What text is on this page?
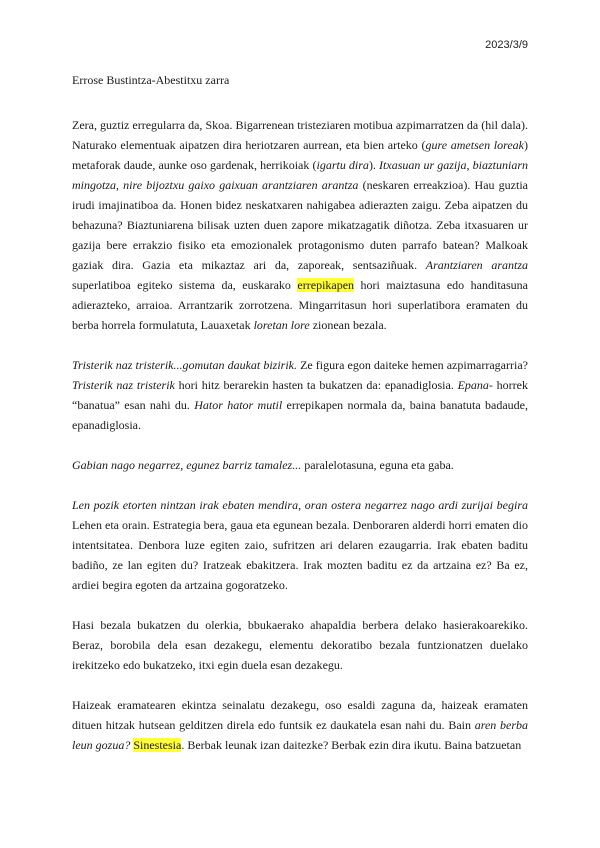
2023/3/9
Errose Bustintza-Abestitxu zarra

Zera, guztiz erregularra da, Skoa. Bigarrenean tristeziaren motibua azpimarratzen da (hil dala). Naturako elementuak aipatzen dira heriotzaren aurrean, eta bien arteko (gure ametsen loreak) metaforak daude, aunke oso gardenak, herrikoiak (igartu dira). Itxasuan ur gazija, biaztuniarn mingotza, nire bijoztxu gaixo gaixuan arantziaren arantza (neskaren erreakzioa). Hau guztia irudi imajinatiboa da. Honen bidez neskatxaren nahigabea adierazten zaigu. Zeba aipatzen du behazuna? Biaztuniarena bilisak uzten duen zapore mikatzagatik diñotza. Zeba itxasuaren ur gazija bere errakzio fisiko eta emozionalek protagonismo duten parrafo batean? Malkoak gaziak dira. Gazia eta mikaztaz ari da, zaporeak, sentsaziñuak. Arantziaren arantza superlatiboa egiteko sistema da, euskarako errepikapen hori maiztasuna edo handitasuna adierazteko, arraioa. Arrantzarik zorrotzena. Mingarritasun hori superlatibora eramaten du berba horrela formulatuta, Lauaxetak loretan lore zionean bezala.

Tristerik naz tristerik...gomutan daukat bizirik. Ze figura egon daiteke hemen azpimarragarria? Tristerik naz tristerik hori hitz berarekin hasten ta bukatzen da: epanadiglosia. Epana- horrek “banatua” esan nahi du. Hator hator mutil errepikapen normala da, baina banatuta badaude, epanadiglosia.

Gabian nago negarrez, egunez barriz tamalez... paralelotasuna, eguna eta gaba.

Len pozik etorten nintzan irak ebaten mendira, oran ostera negarrez nago ardi zurijai begira Lehen eta orain. Estrategia bera, gaua eta egunean bezala. Denboraren alderdi horri ematen dio intentsitatea. Denbora luze egiten zaio, sufritzen ari delaren ezaugarria. Irak ebaten baditu badiño, ze lan egiten du? Iratzeak ebakitzera. Irak mozten baditu ez da artzaina ez? Ba ez, ardiei begira egoten da artzaina gogoratzeko.

Hasi bezala bukatzen du olerkia, bbukaerako ahapaldia berbera delako hasierakoarekiko. Beraz, borobila dela esan dezakegu, elementu dekoratibo bezala funtzionatzen duelako irekitzeko edo bukatzeko, itxi egin duela esan dezakegu.

Haizeak eramatearen ekintza seinalatu dezakegu, oso esaldi zaguna da, haizeak eramaten dituen hitzak hutsean gelditzen direla edo funtsik ez daukatela esan nahi du. Bain aren berba leun gozua? Sinestesia. Berbak leunak izan daitezke? Berbak ezin dira ikutu. Baina batzuetan
